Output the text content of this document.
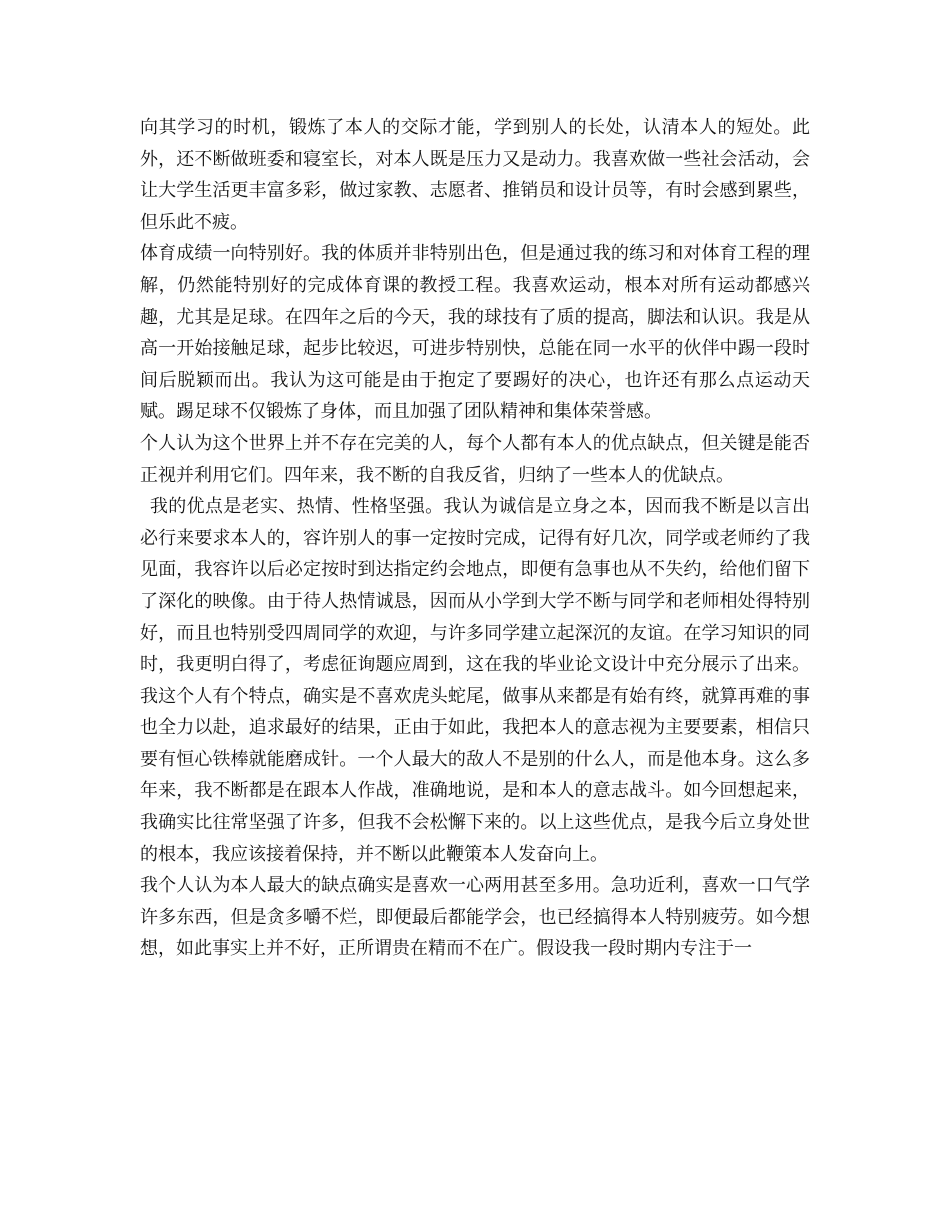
向其学习的时机，锻炼了本人的交际才能，学到别人的长处，认清本人的短处。此外，还不断做班委和寝室长，对本人既是压力又是动力。我喜欢做一些社会活动，会让大学生活更丰富多彩，做过家教、志愿者、推销员和设计员等，有时会感到累些，但乐此不疲。

体育成绩一向特别好。我的体质并非特别出色，但是通过我的练习和对体育工程的理解，仍然能特别好的完成体育课的教授工程。我喜欢运动，根本对所有运动都感兴趣，尤其是足球。在四年之后的今天，我的球技有了质的提高，脚法和认识。我是从高一开始接触足球，起步比较迟，可进步特别快，总能在同一水平的伙伴中踢一段时间后脱颖而出。我认为这可能是由于抱定了要踢好的决心，也许还有那么点运动天赋。踢足球不仅锻炼了身体，而且加强了团队精神和集体荣誉感。

个人认为这个世界上并不存在完美的人，每个人都有本人的优点缺点，但关键是能否正视并利用它们。四年来，我不断的自我反省，归纳了一些本人的优缺点。

我的优点是老实、热情、性格坚强。我认为诚信是立身之本，因而我不断是以言出必行来要求本人的，容许别人的事一定按时完成，记得有好几次，同学或老师约了我见面，我容许以后必定按时到达指定约会地点，即便有急事也从不失约，给他们留下了深化的映像。由于待人热情诚恳，因而从小学到大学不断与同学和老师相处得特别好，而且也特别受四周同学的欢迎，与许多同学建立起深沉的友谊。在学习知识的同时，我更明白得了，考虑征询题应周到，这在我的毕业论文设计中充分展示了出来。我这个人有个特点，确实是不喜欢虎头蛇尾，做事从来都是有始有终，就算再难的事也全力以赴，追求最好的结果，正由于如此，我把本人的意志视为主要要素，相信只要有恒心铁棒就能磨成针。一个人最大的敌人不是别的什么人，而是他本身。这么多年来，我不断都是在跟本人作战，准确地说，是和本人的意志战斗。如今回想起来，我确实比往常坚强了许多，但我不会松懈下来的。以上这些优点，是我今后立身处世的根本，我应该接着保持，并不断以此鞭策本人发奋向上。

我个人认为本人最大的缺点确实是喜欢一心两用甚至多用。急功近利，喜欢一口气学许多东西，但是贪多嚼不烂，即便最后都能学会，也已经搞得本人特别疲劳。如今想想，如此事实上并不好，正所谓贵在精而不在广。假设我一段时期内专注于一
